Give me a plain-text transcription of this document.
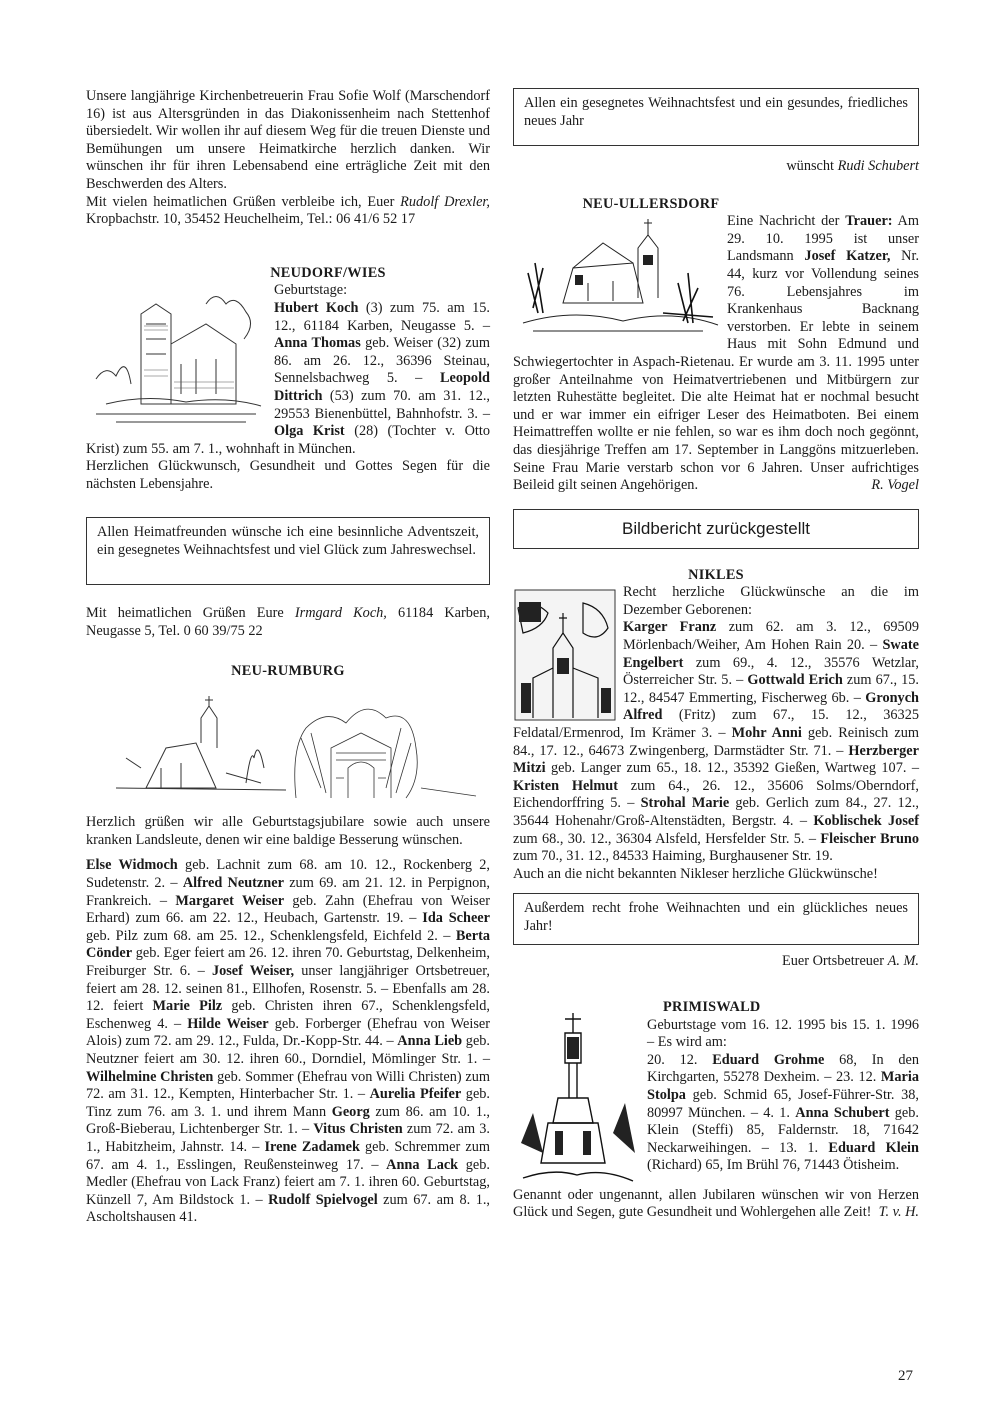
Unsere langjährige Kirchenbetreuerin Frau Sofie Wolf (Marschendorf 16) ist aus Altersgründen in das Diakonissenheim nach Stettenhof übersiedelt. Wir wollen ihr auf diesem Weg für die treuen Dienste und Bemühungen um unsere Heimatkirche herzlich danken. Wir wünschen ihr für ihren Lebensabend eine erträgliche Zeit mit den Beschwerden des Alters.

Mit vielen heimatlichen Grüßen verbleibe ich, Euer Rudolf Drexler, Kropbachstr. 10, 35452 Heuchelheim, Tel.: 06 41/6 52 17

NEUDORF/WIES

Geburtstage:

Hubert Koch (3) zum 75. am 15. 12., 61184 Karben, Neugasse 5. – Anna Thomas geb. Weiser (32) zum 86. am 26. 12., 36396 Steinau, Sennelsbachweg 5. – Leopold Dittrich (53) zum 70. am 31. 12., 29553 Bienenbüttel, Bahnhofstr. 3. – Olga Krist (28) (Tochter v. Otto Krist) zum 55. am 7. 1., wohnhaft in München.

Herzlichen Glückwunsch, Gesundheit und Gottes Segen für die nächsten Lebensjahre.

Allen Heimatfreunden wünsche ich eine besinnliche Adventszeit, ein gesegnetes Weihnachtsfest und viel Glück zum Jahreswechsel.

Mit heimatlichen Grüßen Eure Irmgard Koch, 61184 Karben, Neugasse 5, Tel. 0 60 39/75 22

NEU-RUMBURG

Herzlich grüßen wir alle Geburtstagsjubilare sowie auch unsere kranken Landsleute, denen wir eine baldige Besserung wünschen.

Else Widmoch geb. Lachnit zum 68. am 10. 12., Rockenberg 2, Sudetenstr. 2. – Alfred Neutzner zum 69. am 21. 12. in Perpignon, Frankreich. – Margaret Weiser geb. Zahn (Ehefrau von Weiser Erhard) zum 66. am 22. 12., Heubach, Gartenstr. 19. – Ida Scheer geb. Pilz zum 68. am 25. 12., Schenklengsfeld, Eichfeld 2. – Berta Cönder geb. Eger feiert am 26. 12. ihren 70. Geburtstag, Delkenheim, Freiburger Str. 6. – Josef Weiser, unser langjähriger Ortsbetreuer, feiert am 28. 12. seinen 81., Ellhofen, Rosenstr. 5. – Ebenfalls am 28. 12. feiert Marie Pilz geb. Christen ihren 67., Schenklengsfeld, Eschenweg 4. – Hilde Weiser geb. Forberger (Ehefrau von Weiser Alois) zum 72. am 29. 12., Fulda, Dr.-Kopp-Str. 44. – Anna Lieb geb. Neutzner feiert am 30. 12. ihren 60., Dorndiel, Mömlinger Str. 1. – Wilhelmine Christen geb. Sommer (Ehefrau von Willi Christen) zum 72. am 31. 12., Kempten, Hinterbacher Str. 1. – Aurelia Pfeifer geb. Tinz zum 76. am 3. 1. und ihrem Mann Georg zum 86. am 10. 1., Groß-Bieberau, Lichtenberger Str. 1. – Vitus Christen zum 72. am 3. 1., Habitzheim, Jahnstr. 14. – Irene Zadamek geb. Schremmer zum 67. am 4. 1., Esslingen, Reußensteinweg 17. – Anna Lack geb. Medler (Ehefrau von Lack Franz) feiert am 7. 1. ihren 60. Geburtstag, Künzell 7, Am Bildstock 1. – Rudolf Spielvogel zum 67. am 8. 1., Ascholtshausen 41.

Allen ein gesegnetes Weihnachtsfest und ein gesundes, friedliches neues Jahr

wünscht Rudi Schubert

NEU-ULLERSDORF

Eine Nachricht der Trauer: Am 29. 10. 1995 ist unser Landsmann Josef Katzer, Nr. 44, kurz vor Vollendung seines 76. Lebensjahres im Krankenhaus Backnang verstorben. Er lebte in seinem Haus mit Sohn Edmund und Schwiegertochter in Aspach-Rietenau. Er wurde am 3. 11. 1995 unter großer Anteilnahme von Heimatvertriebenen und Mitbürgern zur letzten Ruhestätte begleitet. Die alte Heimat hat er nochmal besucht und er war immer ein eifriger Leser des Heimatboten. Bei einem Heimattreffen wollte er nie fehlen, so war es ihm doch noch gegönnt, das diesjährige Treffen am 17. September in Langgöns mitzuerleben. Seine Frau Marie verstarb schon vor 6 Jahren. Unser aufrichtiges Beileid gilt seinen Angehörigen.	R. Vogel

Bildbericht zurückgestellt

NIKLES

Recht herzliche Glückwünsche an die im Dezember Geborenen:

Karger Franz zum 62. am 3. 12., 69509 Mörlenbach/Weiher, Am Hohen Rain 20. – Swate Engelbert zum 69., 4. 12., 35576 Wetzlar, Österreicher Str. 5. – Gottwald Erich zum 67., 15. 12., 84547 Emmerting, Fischerweg 6b. – Gronych Alfred (Fritz) zum 67., 15. 12., 36325 Feldatal/Ermenrod, Im Krämer 3. – Mohr Anni geb. Reinisch zum 84., 17. 12., 64673 Zwingenberg, Darmstädter Str. 71. – Herzberger Mitzi geb. Langer zum 65., 18. 12., 35392 Gießen, Wartweg 107. – Kristen Helmut zum 64., 26. 12., 35606 Solms/Oberndorf, Eichendorffring 5. – Strohal Marie geb. Gerlich zum 84., 27. 12., 35644 Hohenahr/Groß-Altenstädten, Bergstr. 4. – Koblischek Josef zum 68., 30. 12., 36304 Alsfeld, Hersfelder Str. 5. – Fleischer Bruno zum 70., 31. 12., 84533 Haiming, Burghausener Str. 19.

Auch an die nicht bekannten Nikleser herzliche Glückwünsche!

Außerdem recht frohe Weihnachten und ein glückliches neues Jahr!

Euer Ortsbetreuer A. M.

PRIMISWALD

Geburtstage vom 16. 12. 1995 bis 15. 1. 1996 – Es wird am:

20. 12. Eduard Grohme 68, In den Kirchgarten, 55278 Dexheim. – 23. 12. Maria Stolpa geb. Schmid 65, Josef-Führer-Str. 38, 80997 München. – 4. 1. Anna Schubert geb. Klein (Steffi) 85, Faldernstr. 18, 71642 Neckarweihingen. – 13. 1. Eduard Klein (Richard) 65, Im Brühl 76, 71443 Ötisheim.

Genannt oder ungenannt, allen Jubilaren wünschen wir von Herzen Glück und Segen, gute Gesundheit und Wohlergehen alle Zeit! T. v. H.

27
